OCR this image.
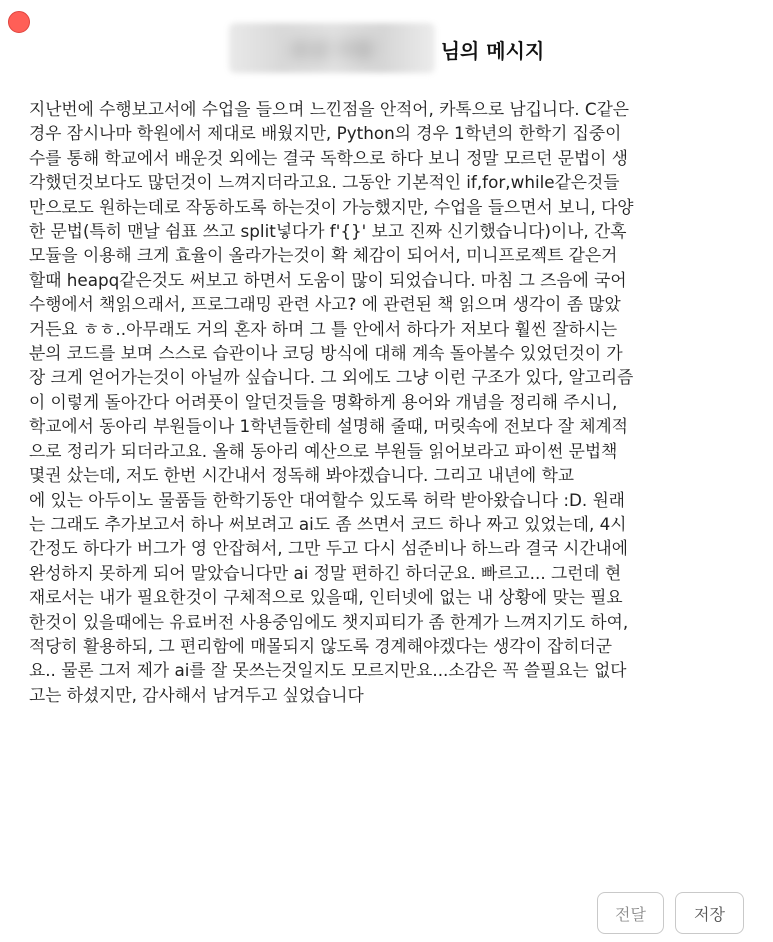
보낸 사람	님의 메시지
지난번에 수행보고서에 수업을 들으며 느낀점을 안적어, 카톡으로 남깁니다. C같은
경우 잠시나마 학원에서 제대로 배웠지만, Python의 경우 1학년의 한학기 집중이
수를 통해 학교에서 배운것 외에는 결국 독학으로 하다 보니 정말 모르던 문법이 생
각했던것보다도 많던것이 느껴지더라고요. 그동안 기본적인 if,for,while같은것들
만으로도 원하는데로 작동하도록 하는것이 가능했지만, 수업을 들으면서 보니, 다양
한 문법(특히 맨날 쉼표 쓰고 split넣다가 f'{}' 보고 진짜 신기했습니다)이나, 간혹
모듈을 이용해 크게 효율이 올라가는것이 확 체감이 되어서, 미니프로젝트 같은거
할때 heapq같은것도 써보고 하면서 도움이 많이 되었습니다. 마침 그 즈음에 국어
수행에서 책읽으래서, 프로그래밍 관련 사고? 에 관련된 책 읽으며 생각이 좀 많았
거든요 ㅎㅎ..아무래도 거의 혼자 하며 그 틀 안에서 하다가 저보다 훨씬 잘하시는
분의 코드를 보며 스스로 습관이나 코딩 방식에 대해 계속 돌아볼수 있었던것이 가
장 크게 얻어가는것이 아닐까 싶습니다. 그 외에도 그냥 이런 구조가 있다, 알고리즘
이 이렇게 돌아간다 어려풋이 알던것들을 명확하게 용어와 개념을 정리해 주시니,
학교에서 동아리 부원들이나 1학년들한테 설명해 줄때, 머릿속에 전보다 잘 체계적
으로 정리가 되더라고요. 올해 동아리 예산으로 부원들 읽어보라고 파이썬 문법책
몇권 샀는데, 저도 한번 시간내서 정독해 봐야겠습니다. 그리고 내년에 학교
에 있는 아두이노 물품들 한학기동안 대여할수 있도록 허락 받아왔습니다 :D. 원래
는 그래도 추가보고서 하나 써보려고 ai도 좀 쓰면서 코드 하나 짜고 있었는데, 4시
간정도 하다가 버그가 영 안잡혀서, 그만 두고 다시 섬준비나 하느라 결국 시간내에
완성하지 못하게 되어 말았습니다만 ai 정말 편하긴 하더군요. 빠르고... 그런데 현
재로서는 내가 필요한것이 구체적으로 있을때, 인터넷에 없는 내 상황에 맞는 필요
한것이 있을때에는 유료버전 사용중임에도 챗지피티가 좀 한계가 느껴지기도 하여,
적당히 활용하되, 그 편리함에 매몰되지 않도록 경계해야겠다는 생각이 잡히더군
요.. 물론 그저 제가 ai를 잘 못쓰는것일지도 모르지만요...소감은 꼭 쓸필요는 없다
고는 하셨지만, 감사해서 남겨두고 싶었습니다
전달	저장
